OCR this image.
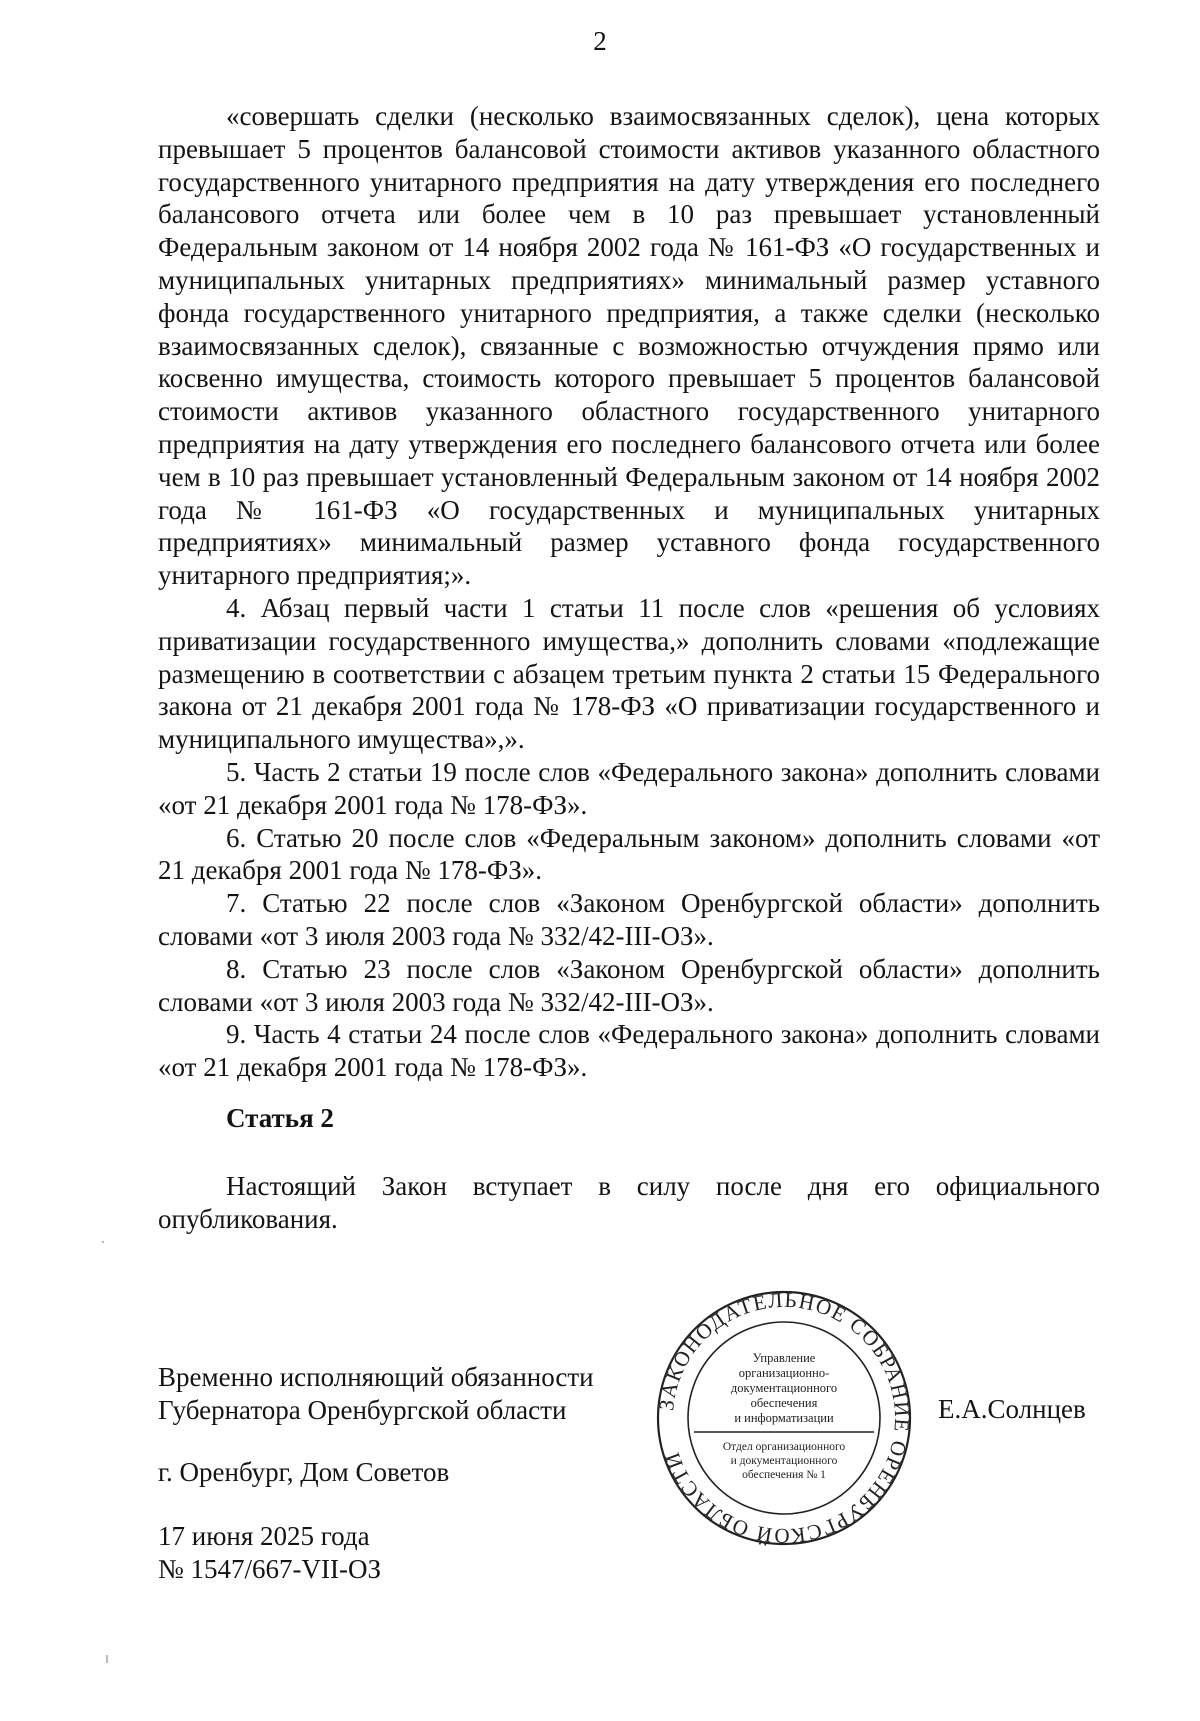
2

«совершать сделки (несколько взаимосвязанных сделок), цена которых превышает 5 процентов балансовой стоимости активов указанного областного государственного унитарного предприятия на дату утверждения его последнего балансового отчета или более чем в 10 раз превышает установленный Федеральным законом от 14 ноября 2002 года № 161-ФЗ «О государственных и муниципальных унитарных предприятиях» минимальный размер уставного фонда государственного унитарного предприятия, а также сделки (несколько взаимосвязанных сделок), связанные с возможностью отчуждения прямо или косвенно имущества, стоимость которого превышает 5 процентов балансовой стоимости активов указанного областного государственного унитарного предприятия на дату утверждения его последнего балансового отчета или более чем в 10 раз превышает установленный Федеральным законом от 14 ноября 2002 года № 161-ФЗ «О государственных и муниципальных унитарных предприятиях» минимальный размер уставного фонда государственного унитарного предприятия;».

4. Абзац первый части 1 статьи 11 после слов «решения об условиях приватизации государственного имущества,» дополнить словами «подлежащие размещению в соответствии с абзацем третьим пункта 2 статьи 15 Федерального закона от 21 декабря 2001 года № 178-ФЗ «О приватизации государственного и муниципального имущества»,».

5. Часть 2 статьи 19 после слов «Федерального закона» дополнить словами «от 21 декабря 2001 года № 178-ФЗ».

6. Статью 20 после слов «Федеральным законом» дополнить словами «от 21 декабря 2001 года № 178-ФЗ».

7. Статью 22 после слов «Законом Оренбургской области» дополнить словами «от 3 июля 2003 года № 332/42-III-ОЗ».

8. Статью 23 после слов «Законом Оренбургской области» дополнить словами «от 3 июля 2003 года № 332/42-III-ОЗ».

9. Часть 4 статьи 24 после слов «Федерального закона» дополнить словами «от 21 декабря 2001 года № 178-ФЗ».

Статья 2
Настоящий Закон вступает в силу после дня его официального опубликования.
Временно исполняющий обязанности
Губернатора Оренбургской области	Е.А.Солнцев
г. Оренбург, Дом Советов
17 июня 2025 года
№ 1547/667-VII-ОЗ
ЗАКОНОДАТЕЛЬНОЕ СОБРАНИЕ ОРЕНБУРГСКОЙ ОБЛАСТИ
Управление
организационно-
документационного
обеспечения
и информатизации
Отдел организационного
и документационного
обеспечения № 1
